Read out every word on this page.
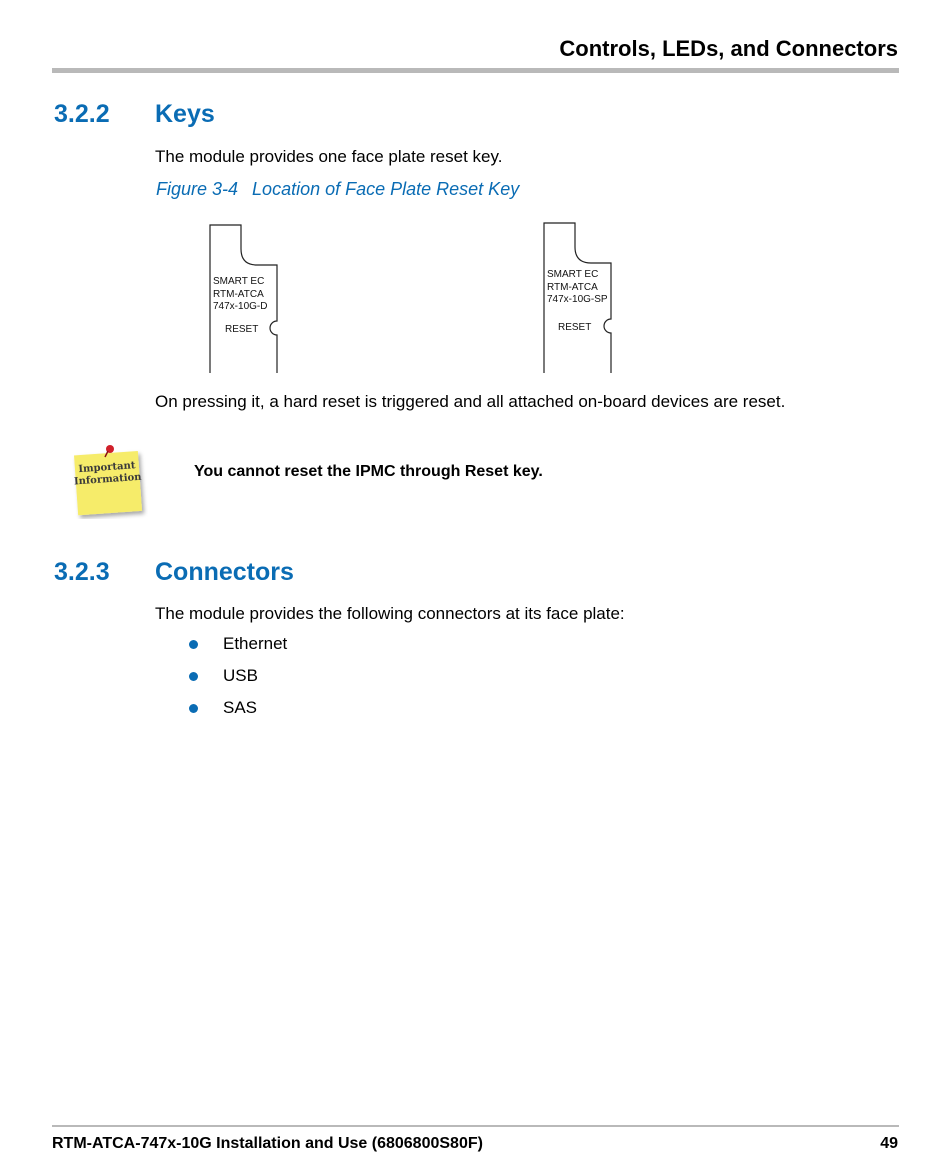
Controls, LEDs, and Connectors
3.2.2 Keys
The module provides one face plate reset key.
Figure 3-4 Location of Face Plate Reset Key
SMART EC
RTM-ATCA
747x-10G-D
RESET
SMART EC
RTM-ATCA
747x-10G-SP
RESET
On pressing it, a hard reset is triggered and all attached on-board devices are reset.
Important
Information	You cannot reset the IPMC through Reset key.
3.2.3 Connectors
The module provides the following connectors at its face plate:
Ethernet
USB
SAS
RTM-ATCA-747x-10G Installation and Use (6806800S80F)	49
